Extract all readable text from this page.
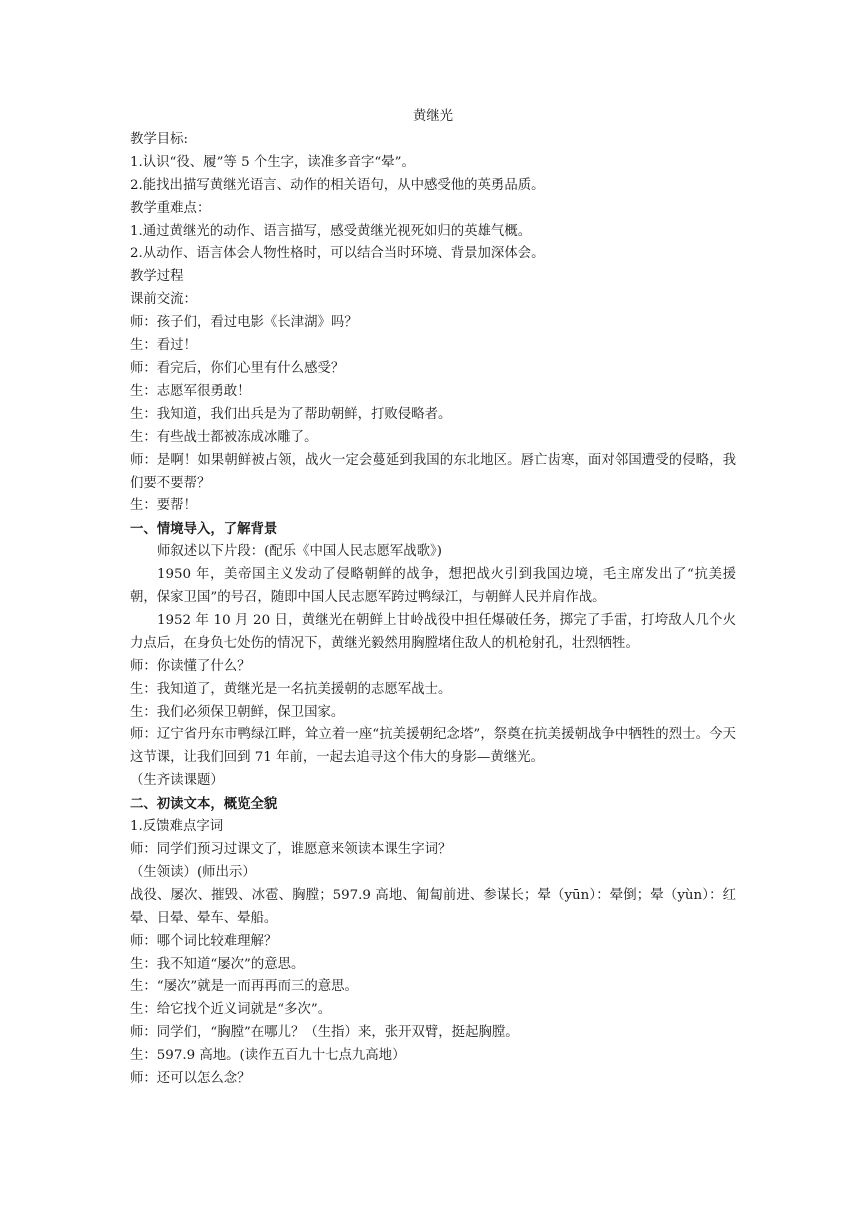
黄继光
教学目标:
1.认识“役、履”等 5 个生字，读准多音字“晕”。
2.能找出描写黄继光语言、动作的相关语句，从中感受他的英勇品质。
教学重难点：
1.通过黄继光的动作、语言描写，感受黄继光视死如归的英雄气概。
2.从动作、语言体会人物性格时，可以结合当时环境、背景加深体会。
教学过程
课前交流：
师：孩子们，看过电影《长津湖》吗？
生：看过！
师：看完后，你们心里有什么感受？
生：志愿军很勇敢！
生：我知道，我们出兵是为了帮助朝鲜，打败侵略者。
生：有些战士都被冻成冰雕了。
师：是啊！如果朝鲜被占领，战火一定会蔓延到我国的东北地区。唇亡齿寒，面对邻国遭受的侵略，我们要不要帮？
生：要帮！
一、情境导入，了解背景
师叙述以下片段：(配乐《中国人民志愿军战歌》)
1950 年，美帝国主义发动了侵略朝鲜的战争，想把战火引到我国边境，毛主席发出了“抗美援朝，保家卫国”的号召，随即中国人民志愿军跨过鸭绿江，与朝鲜人民并肩作战。
1952 年 10 月 20 日，黄继光在朝鲜上甘岭战役中担任爆破任务，掷完了手雷，打垮敌人几个火力点后，在身负七处伤的情况下，黄继光毅然用胸膛堵住敌人的机枪射孔，壮烈牺牲。
师：你读懂了什么？
生：我知道了，黄继光是一名抗美援朝的志愿军战士。
生：我们必须保卫朝鲜，保卫国家。
师：辽宁省丹东市鸭绿江畔，耸立着一座“抗美援朝纪念塔”，祭奠在抗美援朝战争中牺牲的烈士。今天这节课，让我们回到 71 年前，一起去追寻这个伟大的身影—黄继光。
（生齐读课题）
二、初读文本，概览全貌
1.反馈难点字词
师：同学们预习过课文了，谁愿意来领读本课生字词？
（生领读）(师出示）
战役、屡次、摧毁、冰雹、胸膛；597.9 高地、匍匐前进、参谋长；晕（yūn）：晕倒；晕（yùn）：红晕、日晕、晕车、晕船。
师：哪个词比较难理解？
生：我不知道“屡次”的意思。
生：“屡次”就是一而再再而三的意思。
生：给它找个近义词就是“多次”。
师：同学们，“胸膛”在哪儿？（生指）来，张开双臂，挺起胸膛。
生：597.9 高地。(读作五百九十七点九高地）
师：还可以怎么念？
